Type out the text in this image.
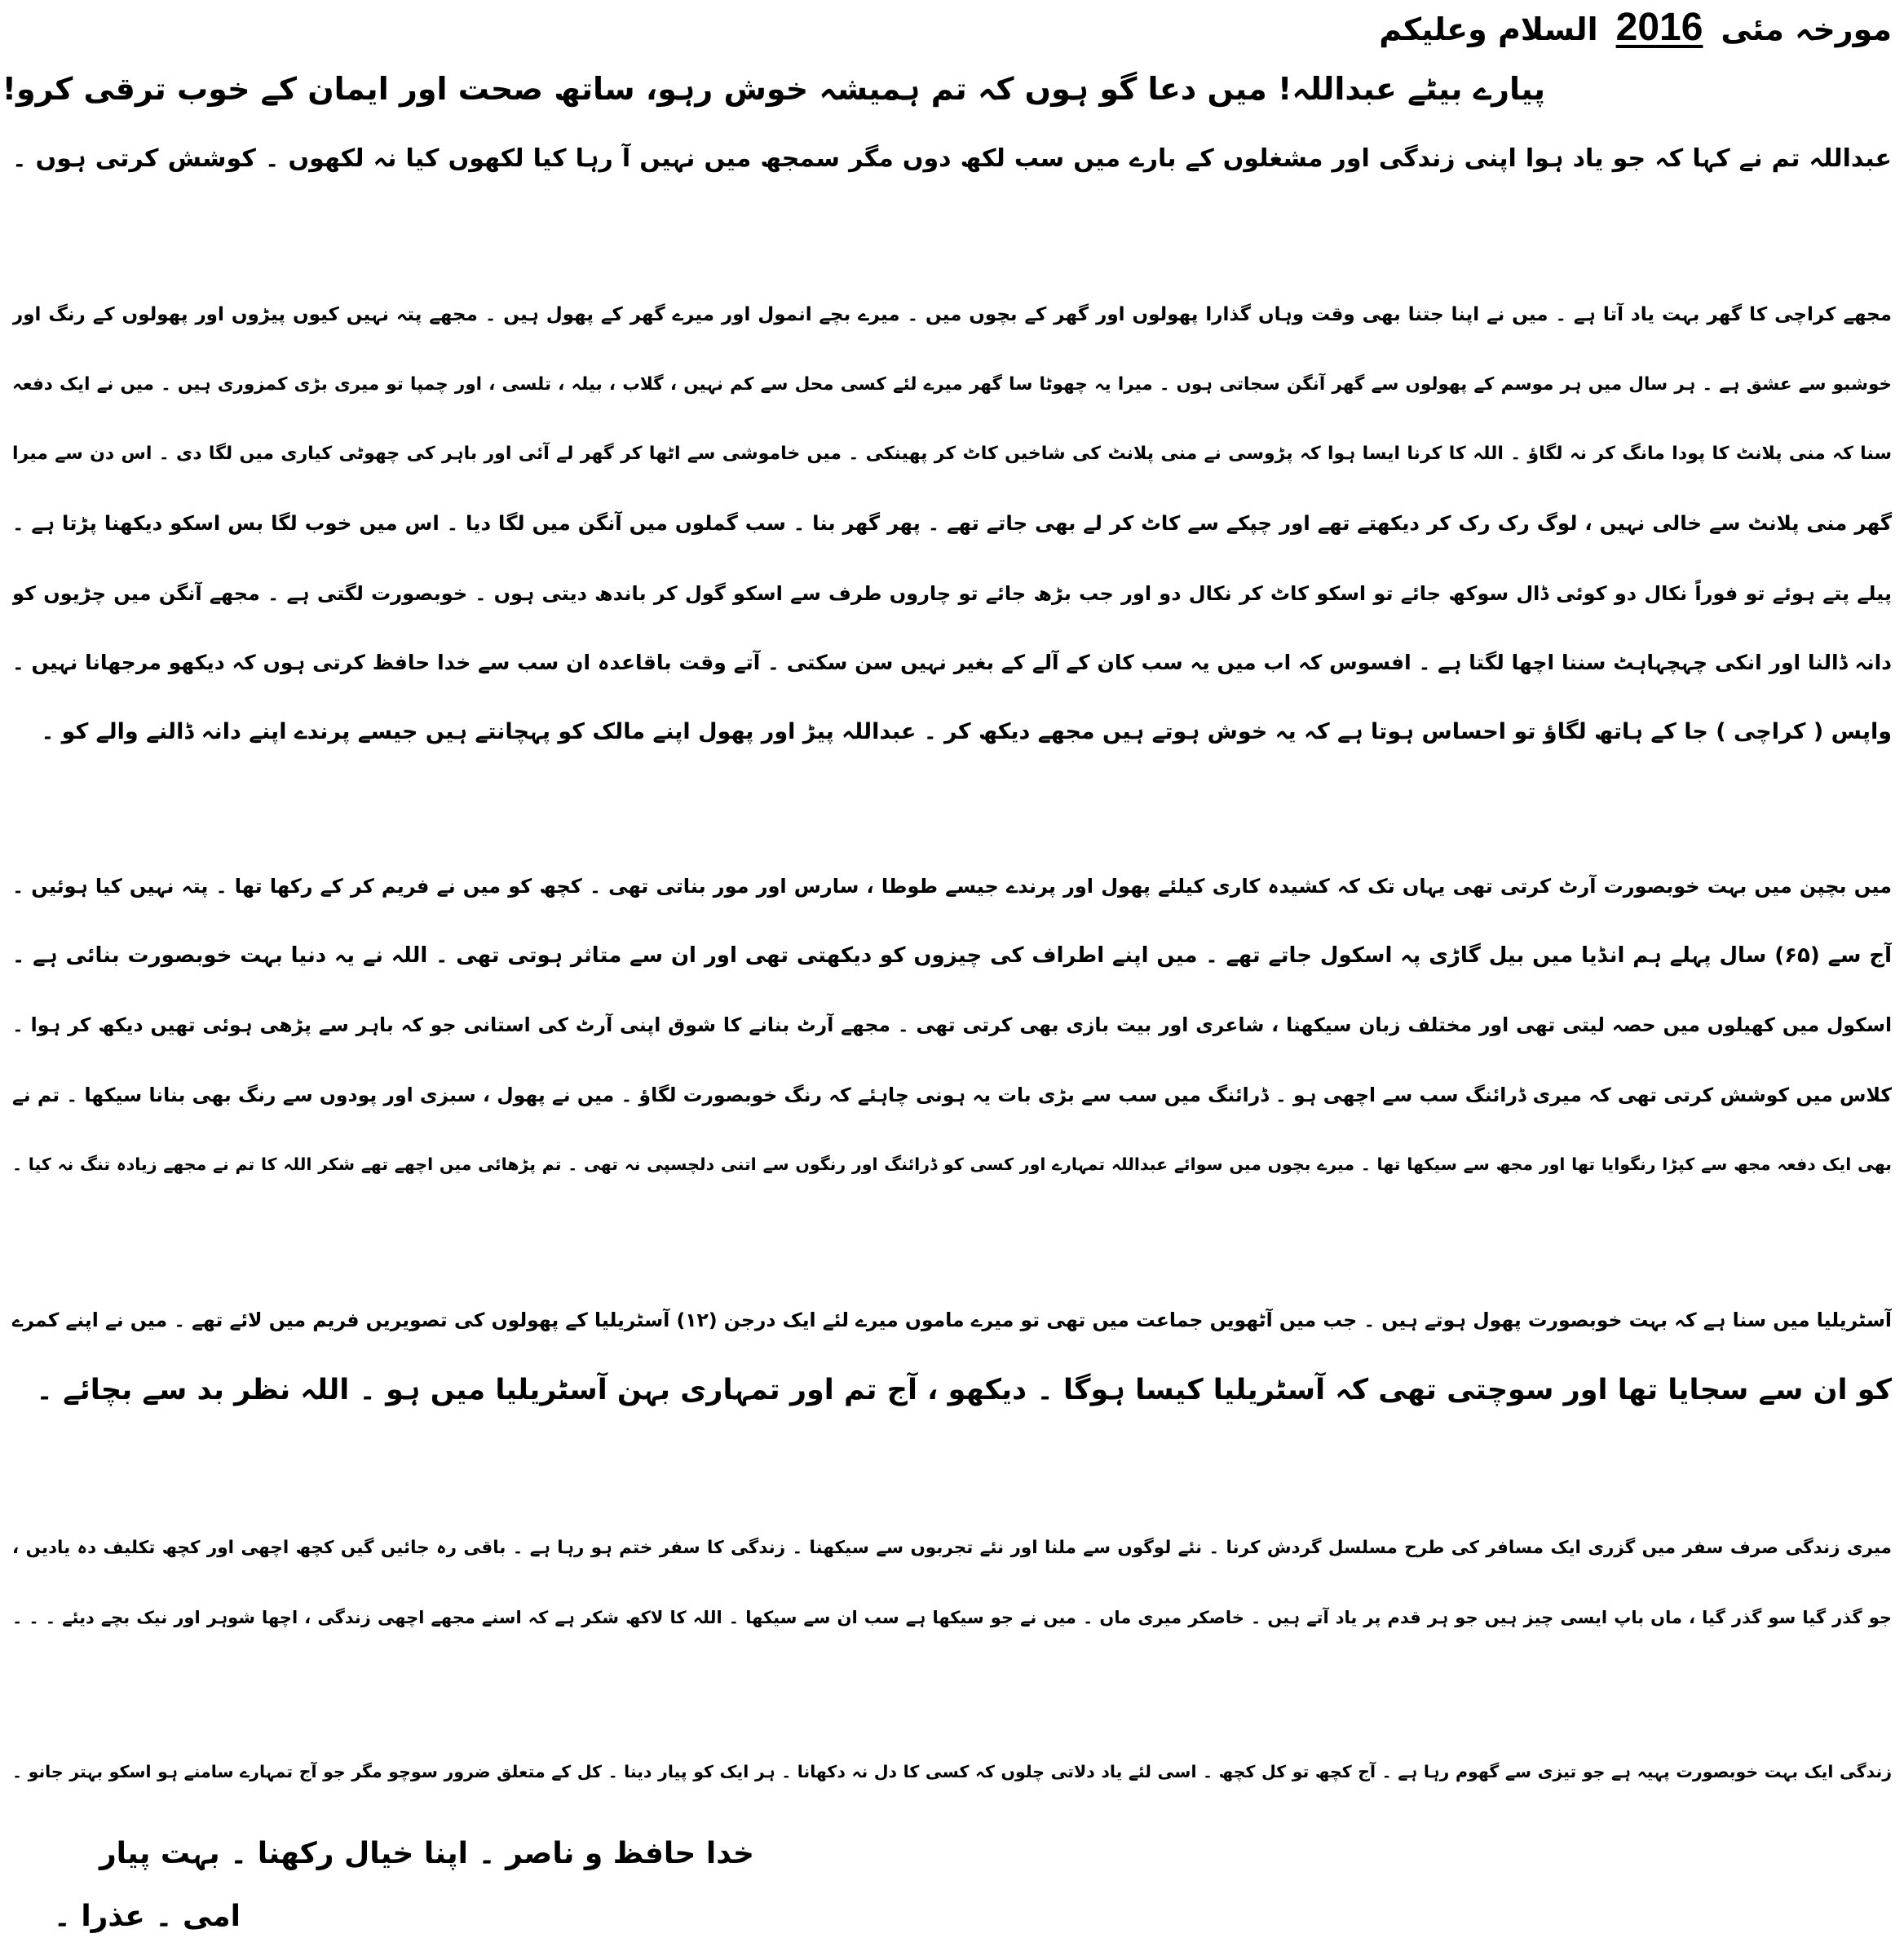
مورخہ مئی
2016
السلام وعلیکم
پیارے بیٹے عبداللہ! میں دعا گو ہوں کہ تم ہمیشہ خوش رہو، ساتھ صحت اور ایمان کے خوب ترقی کرو!
عبداللہ تم نے کہا کہ جو یاد ہوا اپنی زندگی اور مشغلوں کے بارے میں سب لکھ دوں مگر سمجھ میں نہیں آ رہا کیا لکھوں کیا نہ لکھوں ۔ کوشش کرتی ہوں ۔
مجھے کراچی کا گھر بہت یاد آتا ہے ۔ میں نے اپنا جتنا بھی وقت وہاں گذارا پھولوں اور گھر کے بچوں میں ۔ میرے بچے انمول اور میرے گھر کے پھول ہیں ۔ مجھے پتہ نہیں کیوں پیڑوں اور پھولوں کے رنگ اور
خوشبو سے عشق ہے ۔ ہر سال میں ہر موسم کے پھولوں سے گھر آنگن سجاتی ہوں ۔ میرا یہ چھوٹا سا گھر میرے لئے کسی محل سے کم نہیں ، گلاب ، بیلہ ، تلسی ، اور چمپا تو میری بڑی کمزوری ہیں ۔ میں نے ایک دفعہ
سنا کہ منی پلانٹ کا پودا مانگ کر نہ لگاؤ ۔ اللہ کا کرنا ایسا ہوا کہ پڑوسی نے منی پلانٹ کی شاخیں کاٹ کر پھینکی ۔ میں خاموشی سے اٹھا کر گھر لے آئی اور باہر کی چھوٹی کیاری میں لگا دی ۔ اس دن سے میرا
گھر منی پلانٹ سے خالی نہیں ، لوگ رک رک کر دیکھتے تھے اور چپکے سے کاٹ کر لے بھی جاتے تھے ۔ پھر گھر بنا ۔ سب گملوں میں آنگن میں لگا دیا ۔ اس میں خوب لگا بس اسکو دیکھنا پڑتا ہے ۔
پیلے پتے ہوئے تو فوراً نکال دو کوئی ڈال سوکھ جائے تو اسکو کاٹ کر نکال دو اور جب بڑھ جائے تو چاروں طرف سے اسکو گول کر باندھ دیتی ہوں ۔ خوبصورت لگتی ہے ۔ مجھے آنگن میں چڑیوں کو
دانہ ڈالنا اور انکی چہچہاہٹ سننا اچھا لگتا ہے ۔ افسوس کہ اب میں یہ سب کان کے آلے کے بغیر نہیں سن سکتی ۔ آتے وقت باقاعدہ ان سب سے خدا حافظ کرتی ہوں کہ دیکھو مرجھانا نہیں ۔
واپس ( کراچی ) جا کے ہاتھ لگاؤ تو احساس ہوتا ہے کہ یہ خوش ہوتے ہیں مجھے دیکھ کر ۔ عبداللہ پیڑ اور پھول اپنے مالک کو پہچانتے ہیں جیسے پرندے اپنے دانہ ڈالنے والے کو ۔
میں بچپن میں بہت خوبصورت آرٹ کرتی تھی یہاں تک کہ کشیدہ کاری کیلئے پھول اور پرندے جیسے طوطا ، سارس اور مور بناتی تھی ۔ کچھ کو میں نے فریم کر کے رکھا تھا ۔ پتہ نہیں کیا ہوئیں ۔
آج سے (۶۵) سال پہلے ہم انڈیا میں بیل گاڑی پہ اسکول جاتے تھے ۔ میں اپنے اطراف کی چیزوں کو دیکھتی تھی اور ان سے متاثر ہوتی تھی ۔ اللہ نے یہ دنیا بہت خوبصورت بنائی ہے ۔
اسکول میں کھیلوں میں حصہ لیتی تھی اور مختلف زبان سیکھنا ، شاعری اور بیت بازی بھی کرتی تھی ۔ مجھے آرٹ بنانے کا شوق اپنی آرٹ کی استانی جو کہ باہر سے پڑھی ہوئی تھیں دیکھ کر ہوا ۔
کلاس میں کوشش کرتی تھی کہ میری ڈرائنگ سب سے اچھی ہو ۔ ڈرائنگ میں سب سے بڑی بات یہ ہونی چاہئے کہ رنگ خوبصورت لگاؤ ۔ میں نے پھول ، سبزی اور پودوں سے رنگ بھی بنانا سیکھا ۔ تم نے
بھی ایک دفعہ مجھ سے کپڑا رنگوایا تھا اور مجھ سے سیکھا تھا ۔ میرے بچوں میں سوائے عبداللہ تمہارے اور کسی کو ڈرائنگ اور رنگوں سے اتنی دلچسپی نہ تھی ۔ تم پڑھائی میں اچھے تھے شکر اللہ کا تم نے مجھے زیادہ تنگ نہ کیا ۔
آسٹریلیا میں سنا ہے کہ بہت خوبصورت پھول ہوتے ہیں ۔ جب میں آٹھویں جماعت میں تھی تو میرے ماموں میرے لئے ایک درجن (۱۲) آسٹریلیا کے پھولوں کی تصویریں فریم میں لائے تھے ۔ میں نے اپنے کمرے
کو ان سے سجایا تھا اور سوچتی تھی کہ آسٹریلیا کیسا ہوگا ۔ دیکھو ، آج تم اور تمہاری بہن آسٹریلیا میں ہو ۔ اللہ نظر بد سے بچائے ۔
میری زندگی صرف سفر میں گزری ایک مسافر کی طرح مسلسل گردش کرنا ۔ نئے لوگوں سے ملنا اور نئے تجربوں سے سیکھنا ۔ زندگی کا سفر ختم ہو رہا ہے ۔ باقی رہ جائیں گیں کچھ اچھی اور کچھ تکلیف دہ یادیں ،
جو گذر گیا سو گذر گیا ، ماں باپ ایسی چیز ہیں جو ہر قدم پر یاد آتے ہیں ۔ خاصکر میری ماں ۔ میں نے جو سیکھا ہے سب ان سے سیکھا ۔ اللہ کا لاکھ شکر ہے کہ اسنے مجھے اچھی زندگی ، اچھا شوہر اور نیک بچے دیئے ۔ ۔ ۔
زندگی ایک بہت خوبصورت پہیہ ہے جو تیزی سے گھوم رہا ہے ۔ آج کچھ تو کل کچھ ۔ اسی لئے یاد دلاتی چلوں کہ کسی کا دل نہ دکھانا ۔ ہر ایک کو پیار دینا ۔ کل کے متعلق ضرور سوچو مگر جو آج تمہارے سامنے ہو اسکو بہتر جانو ۔
خدا حافظ و ناصر ۔ اپنا خیال رکھنا ۔ بہت پیار
امی ۔ عذرا ۔
